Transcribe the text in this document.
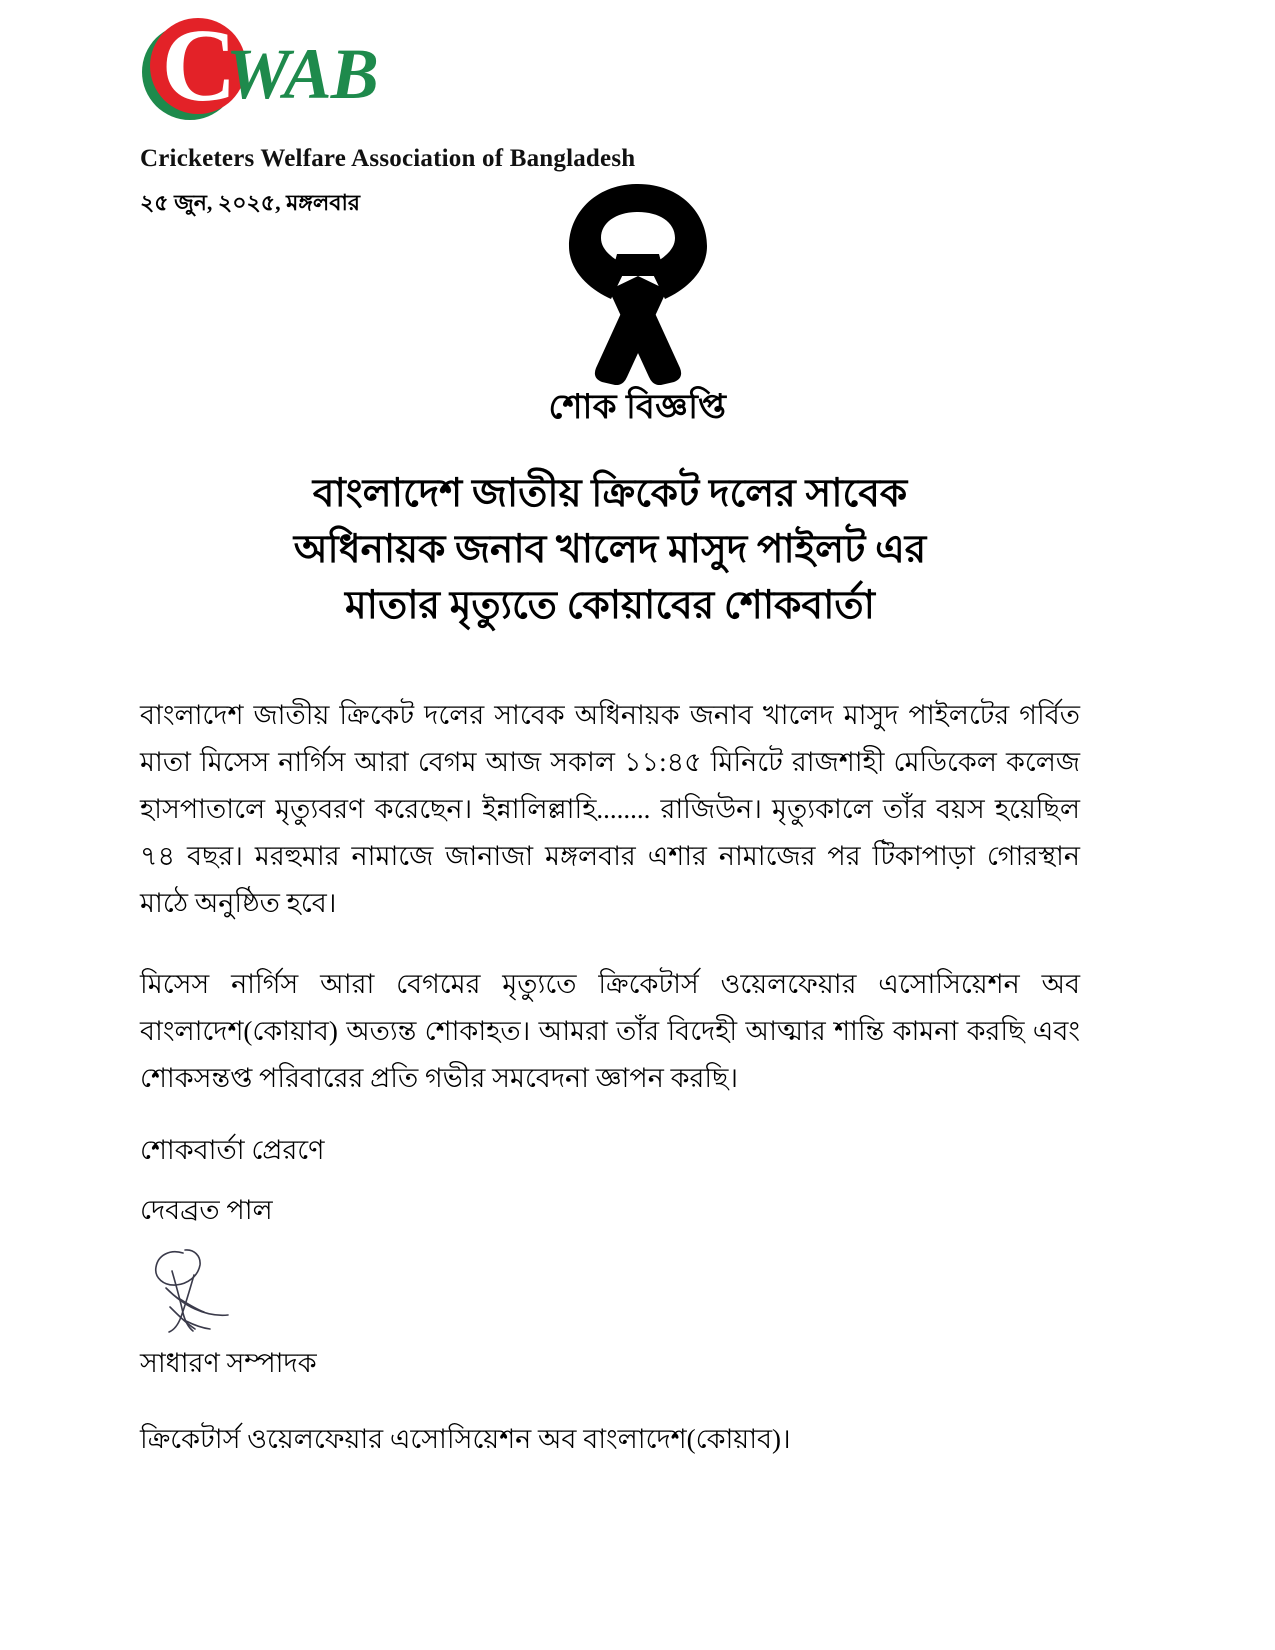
C
WAB
Cricketers Welfare Association of Bangladesh
২৫ জুন, ২০২৫, মঙ্গলবার
শোক বিজ্ঞপ্তি
বাংলাদেশ জাতীয় ক্রিকেট দলের সাবেক
অধিনায়ক জনাব খালেদ মাসুদ পাইলট এর
মাতার মৃত্যুতে কোয়াবের শোকবার্তা

বাংলাদেশ জাতীয় ক্রিকেট দলের সাবেক অধিনায়ক জনাব খালেদ মাসুদ পাইলটের গর্বিত মাতা মিসেস নার্গিস আরা বেগম আজ সকাল ১১:৪৫ মিনিটে রাজশাহী মেডিকেল কলেজ হাসপাতালে মৃত্যুবরণ করেছেন। ইন্নালিল্লাহি........ রাজিউন। মৃত্যুকালে তাঁর বয়স হয়েছিল ৭৪ বছর। মরহুমার নামাজে জানাজা মঙ্গলবার এশার নামাজের পর টিকাপাড়া গোরস্থান মাঠে অনুষ্ঠিত হবে।

মিসেস নার্গিস আরা বেগমের মৃত্যুতে ক্রিকেটার্স ওয়েলফেয়ার এসোসিয়েশন অব বাংলাদেশ(কোয়াব) অত্যন্ত শোকাহত। আমরা তাঁর বিদেহী আত্মার শান্তি কামনা করছি এবং শোকসন্তপ্ত পরিবারের প্রতি গভীর সমবেদনা জ্ঞাপন করছি।

শোকবার্তা প্রেরণে

দেবব্রত পাল

সাধারণ সম্পাদক

ক্রিকেটার্স ওয়েলফেয়ার এসোসিয়েশন অব বাংলাদেশ(কোয়াব)।
